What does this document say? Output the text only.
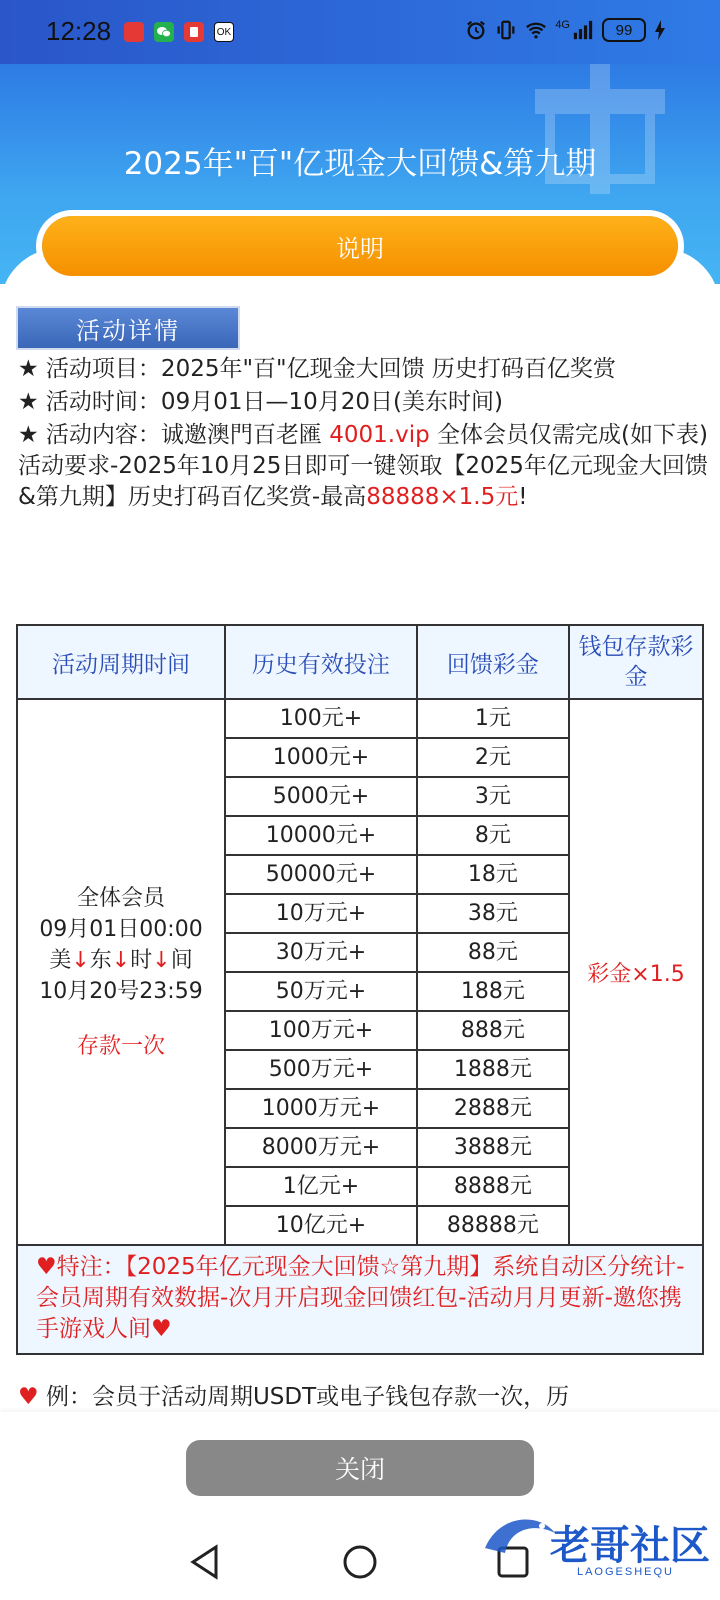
12:28	OK
4G	99
2025年"百"亿现金大回馈&第九期
说明
活动详情

★ 活动项目：2025年"百"亿现金大回馈 历史打码百亿奖赏

★ 活动时间：09月01日—10月20日(美东时间)

★ 活动内容：诚邀澳門百老匯 4001.vip 全体会员仅需完成(如下表)活动要求-2025年10月25日即可一键领取【2025年亿元现金大回馈&第九期】历史打码百亿奖赏-最高88888×1.5元!

活动周期时间	历史有效投注	回馈彩金	钱包存款彩金

全体会员
09月01日00:00
美↓东↓时↓间
10月20号23:59
存款一次	100元+	1元	彩金×1.5
	1000元+	2元	
	5000元+	3元	
	10000元+	8元	
	50000元+	18元	
	10万元+	38元	
	30万元+	88元	
	50万元+	188元	
	100万元+	888元	
	500万元+	1888元	
	1000万元+	2888元	
	8000万元+	3888元	
	1亿元+	8888元	
	10亿元+	88888元	
♥特注：【2025年亿元现金大回馈☆第九期】系统自动区分统计-会员周期有效数据-次月开启现金回馈红包-活动月月更新-邀您携手游戏人间♥			
♥ 例：会员于活动周期USDT或电子钱包存款一次，历
关闭
老哥社区
LAOGESHEQU
